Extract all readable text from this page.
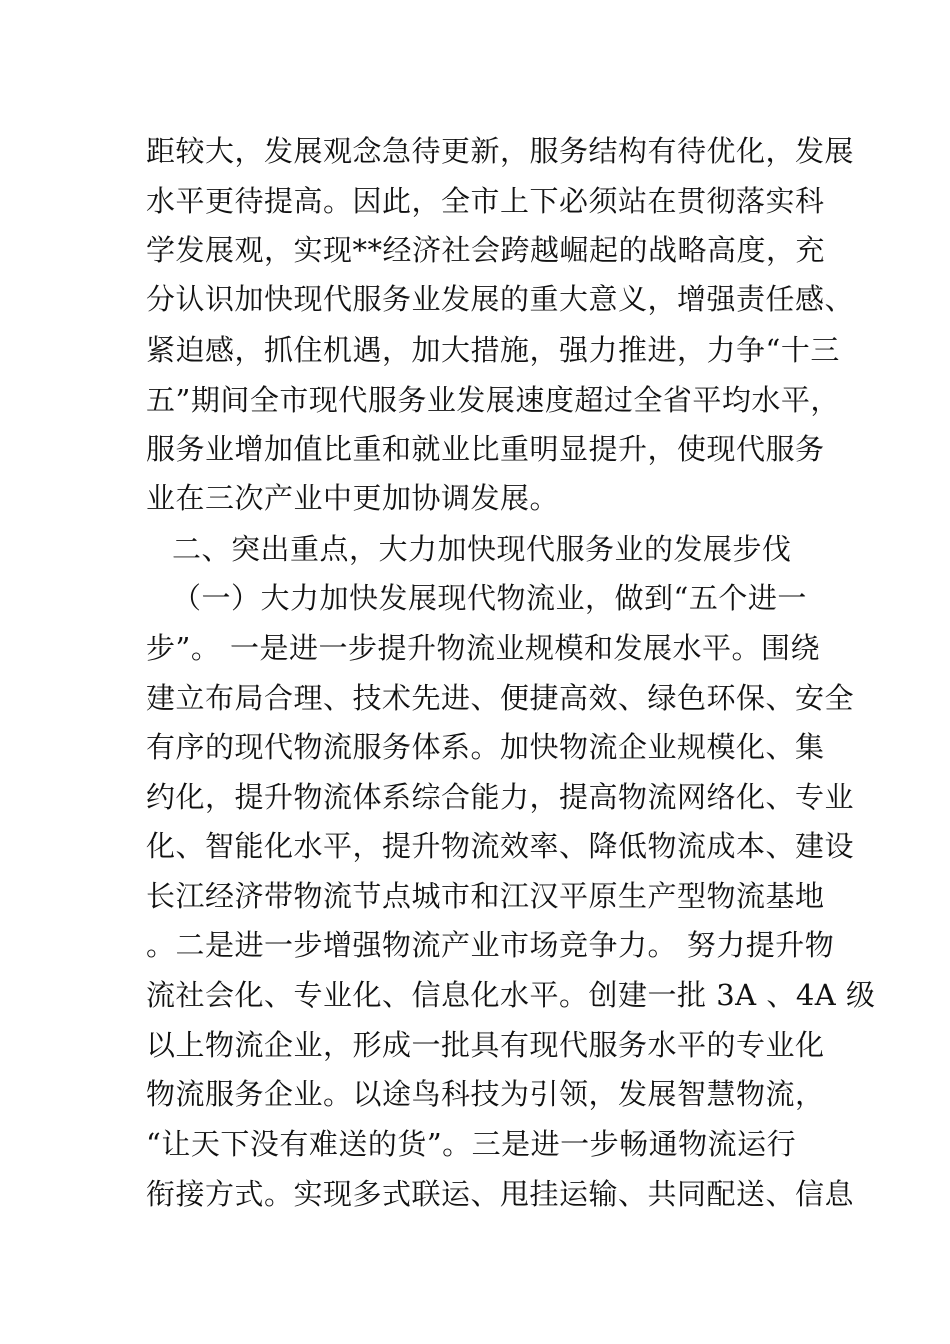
距较大，发展观念急待更新，服务结构有待优化，发展
水平更待提高。因此，全市上下必须站在贯彻落实科
学发展观，实现**经济社会跨越崛起的战略高度，充
分认识加快现代服务业发展的重大意义，增强责任感、
紧迫感，抓住机遇，加大措施，强力推进，力争“十三
五”期间全市现代服务业发展速度超过全省平均水平，
服务业增加值比重和就业比重明显提升，使现代服务
业在三次产业中更加协调发展。
二、突出重点，大力加快现代服务业的发展步伐
（一）大力加快发展现代物流业，做到“五个进一
步”。 一是进一步提升物流业规模和发展水平。围绕
建立布局合理、技术先进、便捷高效、绿色环保、安全
有序的现代物流服务体系。加快物流企业规模化、集
约化，提升物流体系综合能力，提高物流网络化、专业
化、智能化水平，提升物流效率、降低物流成本、建设
长江经济带物流节点城市和江汉平原生产型物流基地
。二是进一步增强物流产业市场竞争力。 努力提升物
流社会化、专业化、信息化水平。创建一批 3A 、4A 级
以上物流企业，形成一批具有现代服务水平的专业化
物流服务企业。以途鸟科技为引领，发展智慧物流，
“让天下没有难送的货”。三是进一步畅通物流运行
衔接方式。实现多式联运、甩挂运输、共同配送、信息
